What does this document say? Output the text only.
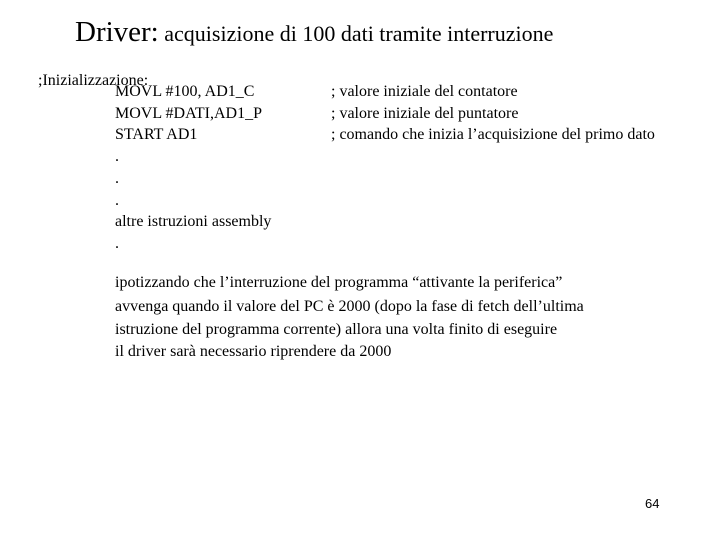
Driver: acquisizione di 100 dati tramite interruzione
;Inizializzazione:
MOVL #100, AD1_C	; valore iniziale del contatore
MOVL #DATI,AD1_P	; valore iniziale del puntatore
START AD1	; comando che inizia l’acquisizione del primo dato
.
.
.
altre istruzioni assembly
.
ipotizzando che l’interruzione del programma “attivante la periferica”
avvenga quando il valore del PC è 2000 (dopo la fase di fetch dell’ultima
istruzione del programma corrente) allora una volta finito di eseguire
il driver sarà necessario riprendere da 2000
64
